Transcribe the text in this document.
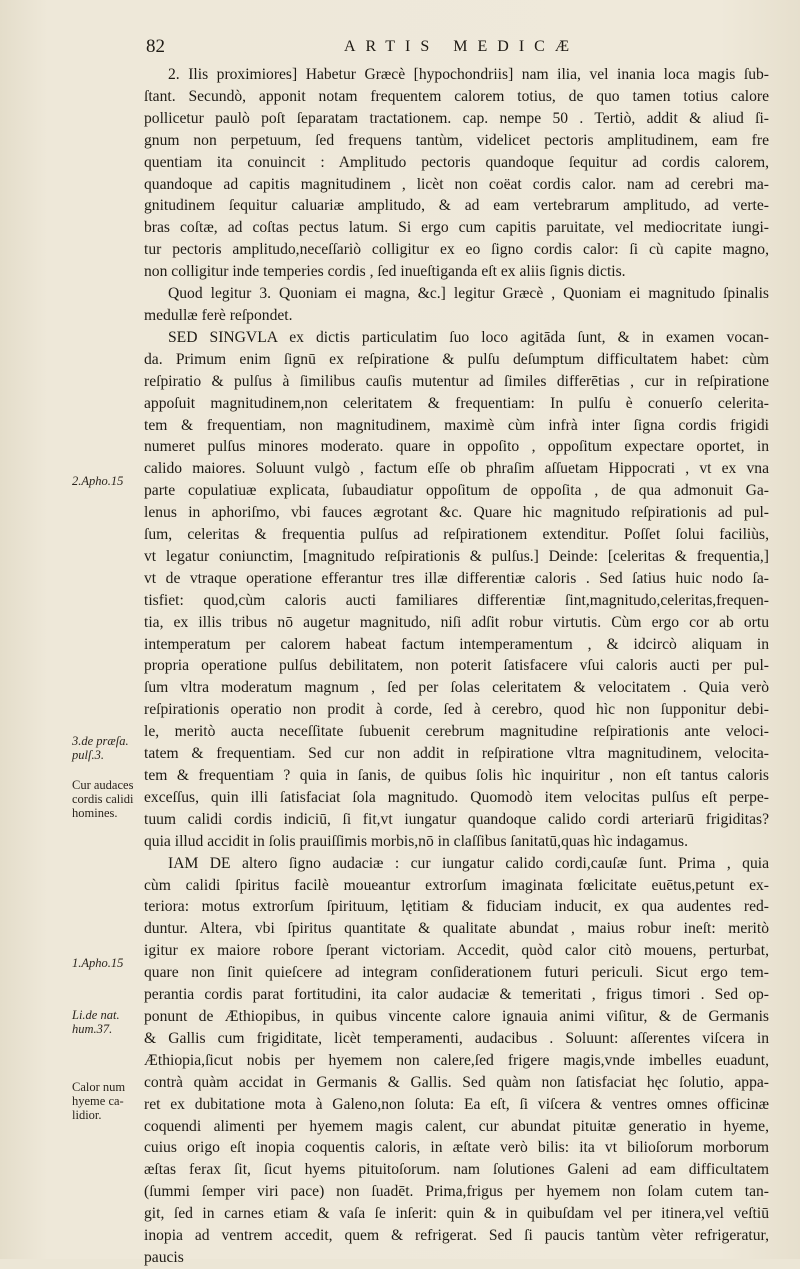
82	ARTIS MEDICÆ
2. Ilis proximiores] Habetur Græcè [hypochondriis] nam ilia, vel inania loca magis ſub-
ſtant. Secundò, apponit notam frequentem calorem totius, de quo tamen totius calore
pollicetur paulò poſt ſeparatam tractationem. cap. nempe 50 . Tertiò, addit & aliud ſi-
gnum non perpetuum, ſed frequens tantùm, videlicet pectoris amplitudinem, eam fre
quentiam ita conuincit : Amplitudo pectoris quandoque ſequitur ad cordis calorem,
quandoque ad capitis magnitudinem , licèt non coëat cordis calor. nam ad cerebri ma-
gnitudinem ſequitur caluariæ amplitudo, & ad eam vertebrarum amplitudo, ad verte-
bras coſtæ, ad coſtas pectus latum. Si ergo cum capitis paruitate, vel mediocritate iungi-
tur pectoris amplitudo,neceſſariò colligitur ex eo ſigno cordis calor: ſi cù capite magno,
non colligitur inde temperies cordis , ſed inueſtiganda eſt ex aliis ſignis dictis.
Quod legitur 3. Quoniam ei magna, &c.] legitur Græcè , Quoniam ei magnitudo ſpinalis
medullæ ferè reſpondet.
SED SINGVLA ex dictis particulatim ſuo loco agitāda ſunt, & in examen vocan-
da. Primum enim ſignū ex reſpiratione & pulſu deſumptum difficultatem habet: cùm
reſpiratio & pulſus à ſimilibus cauſis mutentur ad ſimiles differētias , cur in reſpiratione
appoſuit magnitudinem,non celeritatem & frequentiam: In pulſu è conuerſo celerita-
tem & frequentiam, non magnitudinem, maximè cùm infrà inter ſigna cordis frigidi
numeret pulſus minores moderato. quare in oppoſito , oppoſitum expectare oportet, in
calido maiores. Soluunt vulgò , factum eſſe ob phraſim aſſuetam Hippocrati , vt ex vna
parte copulatiuæ explicata, ſubaudiatur oppoſitum de oppoſita , de qua admonuit Ga-
lenus in aphoriſmo, vbi fauces ægrotant &c. Quare hic magnitudo reſpirationis ad pul-
ſum, celeritas & frequentia pulſus ad reſpirationem extenditur. Poſſet ſolui faciliùs,
vt legatur coniunctim, [magnitudo reſpirationis & pulſus.] Deinde: [celeritas & frequentia,]
vt de vtraque operatione efferantur tres illæ differentiæ caloris . Sed ſatius huic nodo ſa-
tisfiet: quod,cùm caloris aucti familiares differentiæ ſint,magnitudo,celeritas,frequen-
tia, ex illis tribus nō augetur magnitudo, niſi adſit robur virtutis. Cùm ergo cor ab ortu
intemperatum per calorem habeat factum intemperamentum , & idcircò aliquam in
propria operatione pulſus debilitatem, non poterit ſatisfacere vſui caloris aucti per pul-
ſum vltra moderatum magnum , ſed per ſolas celeritatem & velocitatem . Quia verò
reſpirationis operatio non prodit à corde, ſed à cerebro, quod hìc non ſupponitur debi-
le, meritò aucta neceſſitate ſubuenit cerebrum magnitudine reſpirationis ante veloci-
tatem & frequentiam. Sed cur non addit in reſpiratione vltra magnitudinem, velocita-
tem & frequentiam ? quia in ſanis, de quibus ſolis hìc inquiritur , non eſt tantus caloris
exceſſus, quin illi ſatisfaciat ſola magnitudo. Quomodò item velocitas pulſus eſt perpe-
tuum calidi cordis indiciū, ſi fit,vt iungatur quandoque calido cordi arteriarū frigiditas?
quia illud accidit in ſolis prauiſſimis morbis,nō in claſſibus ſanitatū,quas hìc indagamus.
IAM DE altero ſigno audaciæ : cur iungatur calido cordi,cauſæ ſunt. Prima , quia
cùm calidi ſpiritus facilè moueantur extrorſum imaginata fœlicitate euētus,petunt ex-
teriora: motus extrorſum ſpirituum, lętitiam & fiduciam inducit, ex qua audentes red-
duntur. Altera, vbi ſpiritus quantitate & qualitate abundat , maius robur ineſt: meritò
igitur ex maiore robore ſperant victoriam. Accedit, quòd calor citò mouens, perturbat,
quare non ſinit quieſcere ad integram conſiderationem futuri periculi. Sicut ergo tem-
perantia cordis parat fortitudini, ita calor audaciæ & temeritati , frigus timori . Sed op-
ponunt de Æthiopibus, in quibus vincente calore ignauia animi viſitur, & de Germanis
& Gallis cum frigiditate, licèt temperamenti, audacibus . Soluunt: aſſerentes viſcera in
Æthiopia,ſicut nobis per hyemem non calere,ſed frigere magis,vnde imbelles euadunt,
contrà quàm accidat in Germanis & Gallis. Sed quàm non ſatisfaciat hęc ſolutio, appa-
ret ex dubitatione mota à Galeno,non ſoluta: Ea eſt, ſi viſcera & ventres omnes officinæ
coquendi alimenti per hyemem magis calent, cur abundat pituitæ generatio in hyeme,
cuius origo eſt inopia coquentis caloris, in æſtate verò bilis: ita vt bilioſorum morborum
æſtas ferax ſit, ſicut hyems pituitoſorum. nam ſolutiones Galeni ad eam difficultatem
(ſummi ſemper viri pace) non ſuadēt. Prima,frigus per hyemem non ſolam cutem tan-
git, ſed in carnes etiam & vaſa ſe inſerit: quin & in quibuſdam vel per itinera,vel veſtiū
inopia ad ventrem accedit, quem & refrigerat. Sed ſi paucis tantùm vèter refrigeratur,
paucis
2.Apho.15
3.de præſa. pulſ.3.
Cur audaces cordis calidi homines.
1.Apho.15
Li.de nat. hum.37.
Calor num hyeme ca- lidior.
